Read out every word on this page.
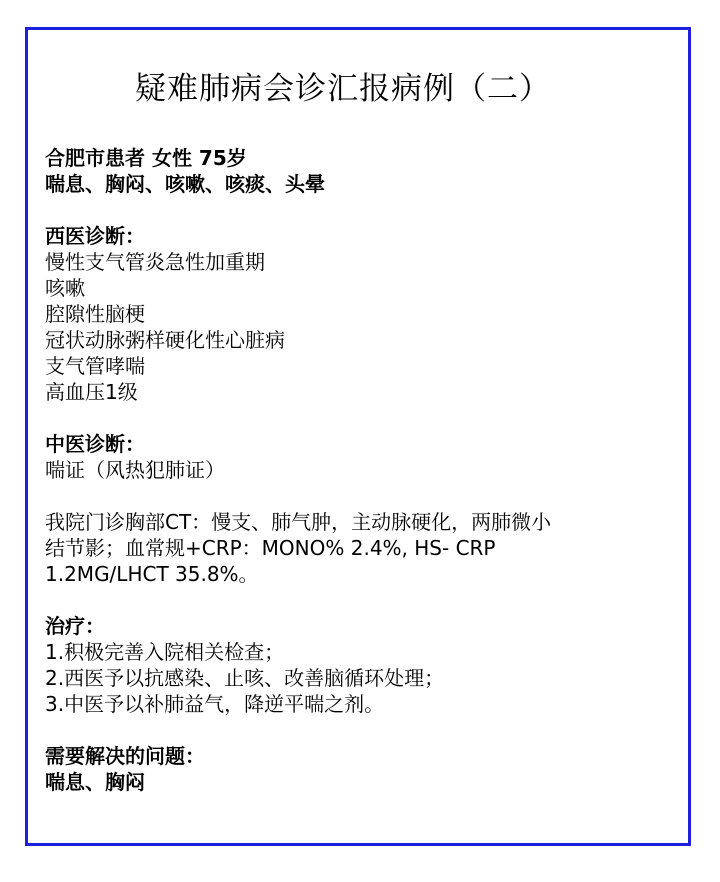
疑难肺病会诊汇报病例（二）
合肥市患者 女性 75岁
喘息、胸闷、咳嗽、咳痰、头晕
西医诊断：
慢性支气管炎急性加重期
咳嗽
腔隙性脑梗
冠状动脉粥样硬化性心脏病
支气管哮喘
高血压1级
中医诊断：
喘证（风热犯肺证）
我院门诊胸部CT：慢支、肺气肿，主动脉硬化，两肺微小
结节影；血常规+CRP：MONO% 2.4%, HS- CRP
1.2MG/LHCT 35.8%。
治疗：
1.积极完善入院相关检查；
2.西医予以抗感染、止咳、改善脑循环处理；
3.中医予以补肺益气，降逆平喘之剂。
需要解决的问题：
喘息、胸闷
